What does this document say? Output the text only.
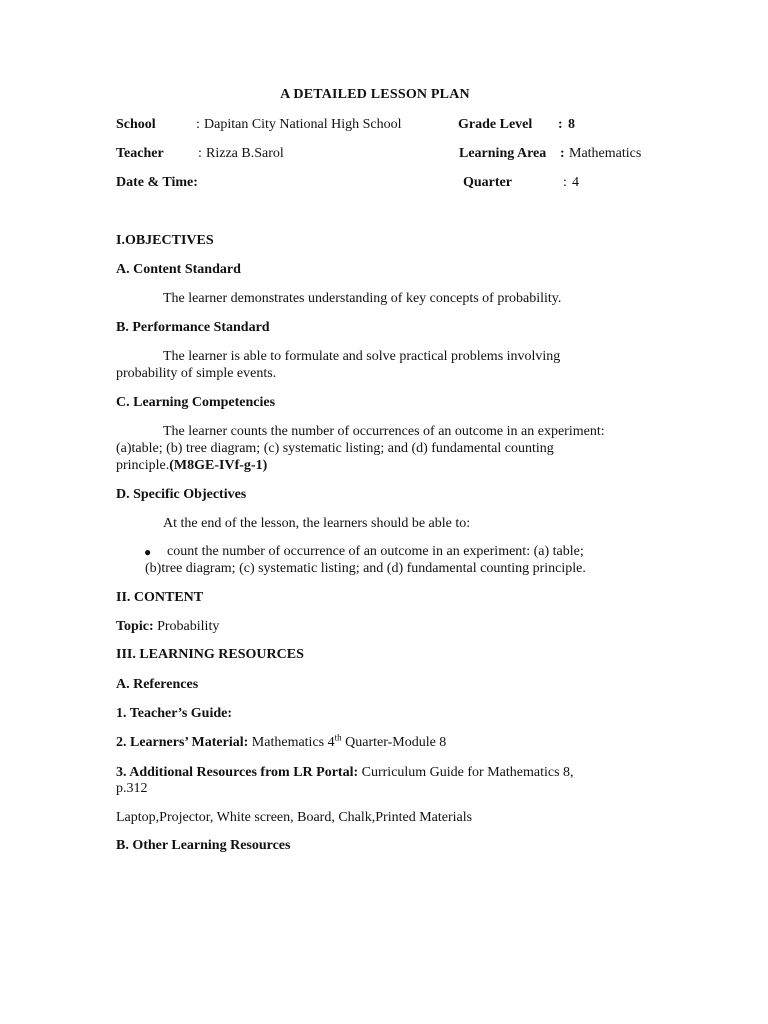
A DETAILED LESSON PLAN
School	: Dapitan City National High School	Grade Level : 8
Teacher : Rizza B.Sarol	Learning Area : Mathematics
Date & Time:	Quarter	: 4
I.OBJECTIVES
A. Content Standard
The learner demonstrates understanding of key concepts of probability.
B. Performance Standard
The learner is able to formulate and solve practical problems involving
probability of simple events.
C. Learning Competencies
The learner counts the number of occurrences of an outcome in an experiment:
(a)table; (b) tree diagram; (c) systematic listing; and (d) fundamental counting
principle.(M8GE-IVf-g-1)
D. Specific Objectives
At the end of the lesson, the learners should be able to:
● count the number of occurrence of an outcome in an experiment: (a) table;
(b)tree diagram; (c) systematic listing; and (d) fundamental counting principle.
II. CONTENT
Topic: Probability
III. LEARNING RESOURCES
A. References
1. Teacher’s Guide:
2. Learners’ Material: Mathematics 4th Quarter-Module 8
3. Additional Resources from LR Portal: Curriculum Guide for Mathematics 8,
p.312
Laptop,Projector, White screen, Board, Chalk,Printed Materials
B. Other Learning Resources
